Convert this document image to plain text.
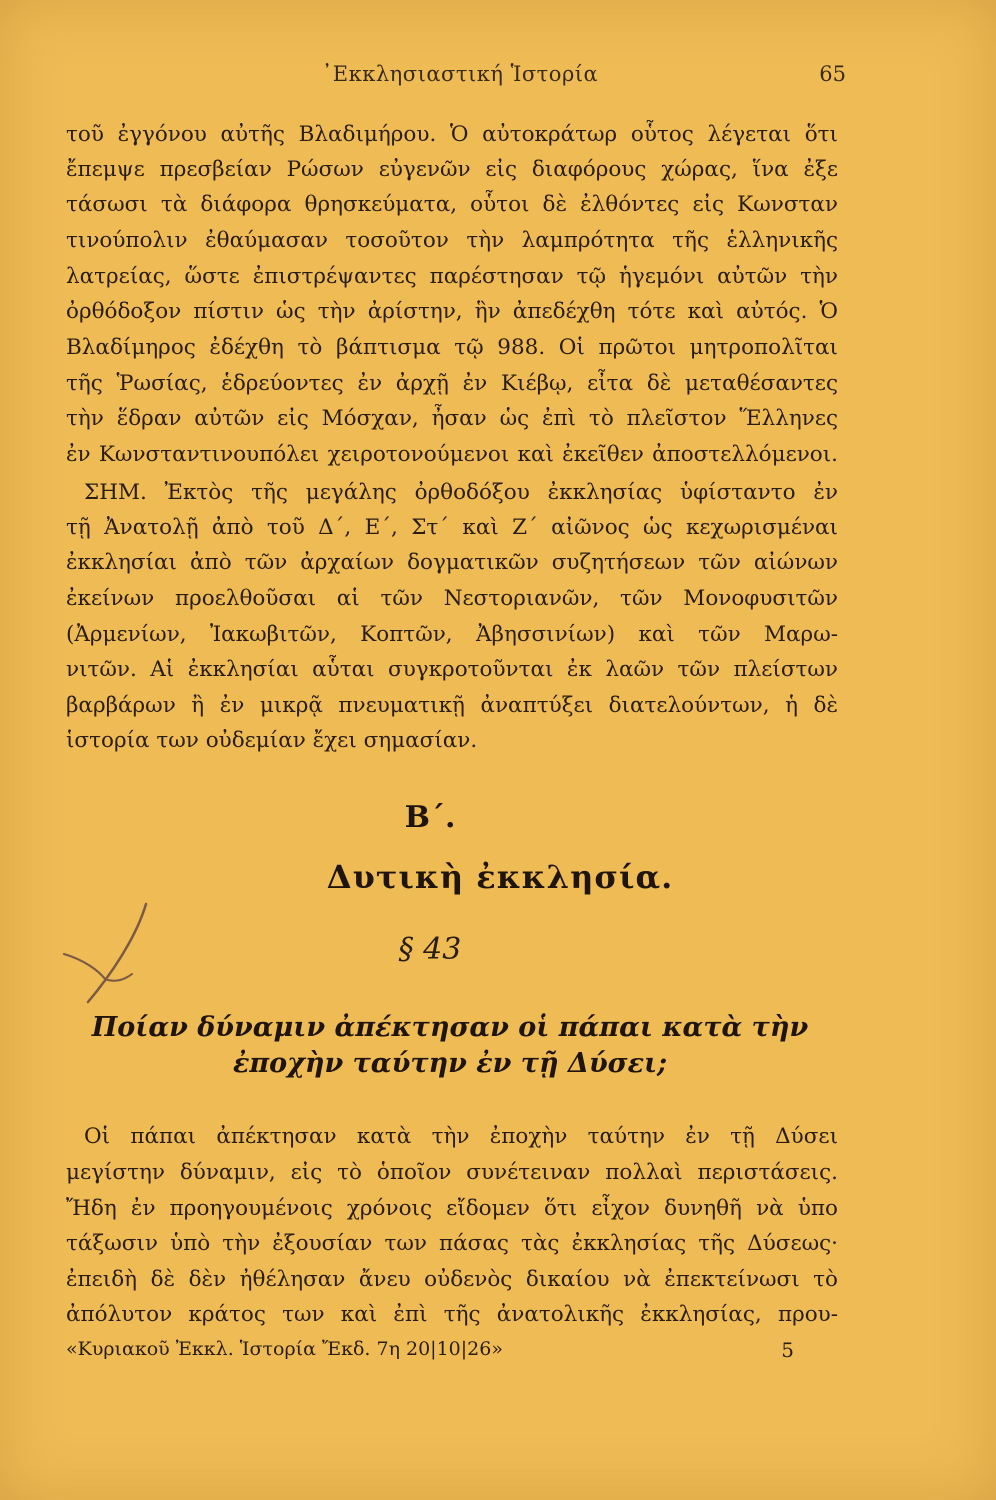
᾿Εκκλησιαστική Ἱστορία	65
τοῦ ἐγγόνου αὐτῆς Βλαδιμήρου. Ὁ αὐτοκράτωρ οὗτος λέγεται ὅτι
ἔπεμψε πρεσβείαν Ρώσων εὐγενῶν εἰς διαφόρους χώρας, ἵνα ἐξε
τάσωσι τὰ διάφορα θρησκεύματα, οὗτοι δὲ ἐλθόντες εἰς Κωνσταν
τινούπολιν ἐθαύμασαν τοσοῦτον τὴν λαμπρότητα τῆς ἑλληνικῆς
λατρείας, ὥστε ἐπιστρέψαντες παρέστησαν τῷ ἡγεμόνι αὐτῶν τὴν
ὀρθόδοξον πίστιν ὡς τὴν ἀρίστην, ἣν ἀπεδέχθη τότε καὶ αὐτός. Ὁ
Βλαδίμηρος ἐδέχθη τὸ βάπτισμα τῷ 988. Οἱ πρῶτοι μητροπολῖται
τῆς Ῥωσίας, ἑδρεύοντες ἐν ἀρχῇ ἐν Κιέβῳ, εἶτα δὲ μεταθέσαντες
τὴν ἕδραν αὐτῶν εἰς Μόσχαν, ἦσαν ὡς ἐπὶ τὸ πλεῖστον Ἕλληνες
ἐν Κωνσταντινουπόλει χειροτονούμενοι καὶ ἐκεῖθεν ἀποστελλόμενοι.
ΣΗΜ. Ἐκτὸς τῆς μεγάλης ὀρθοδόξου ἐκκλησίας ὑφίσταντο ἐν
τῇ Ἀνατολῇ ἀπὸ τοῦ Δ΄, Ε΄, Στ΄ καὶ Ζ΄ αἰῶνος ὡς κεχωρισμέναι
ἐκκλησίαι ἀπὸ τῶν ἀρχαίων δογματικῶν συζητήσεων τῶν αἰώνων
ἐκείνων προελθοῦσαι αἱ τῶν Νεστοριανῶν, τῶν Μονοφυσιτῶν
(Ἀρμενίων, Ἰακωβιτῶν, Κοπτῶν, Ἀβησσινίων) καὶ τῶν Μαρω-
νιτῶν. Αἱ ἐκκλησίαι αὗται συγκροτοῦνται ἐκ λαῶν τῶν πλείστων
βαρβάρων ἢ ἐν μικρᾷ πνευματικῇ ἀναπτύξει διατελούντων, ἡ δὲ
ἱστορία των οὐδεμίαν ἔχει σημασίαν.
Β΄.
Δυτικὴ ἐκκλησία.
§ 43
Ποίαν δύναμιν ἀπέκτησαν οἱ πάπαι κατὰ τὴν
ἐποχὴν ταύτην ἐν τῇ Δύσει;
Οἱ πάπαι ἀπέκτησαν κατὰ τὴν ἐποχὴν ταύτην ἐν τῇ Δύσει
μεγίστην δύναμιν, εἰς τὸ ὁποῖον συνέτειναν πολλαὶ περιστάσεις.
Ἤδη ἐν προηγουμένοις χρόνοις εἴδομεν ὅτι εἶχον δυνηθῆ νὰ ὑπο
τάξωσιν ὑπὸ τὴν ἐξουσίαν των πάσας τὰς ἐκκλησίας τῆς Δύσεως·
ἐπειδὴ δὲ δὲν ἠθέλησαν ἄνευ οὐδενὸς δικαίου νὰ ἐπεκτείνωσι τὸ
ἀπόλυτον κράτος των καὶ ἐπὶ τῆς ἀνατολικῆς ἐκκλησίας, πρου-
«Κυριακοῦ Ἐκκλ. Ἱστορία Ἔκδ. 7η 20|10|26»	5
